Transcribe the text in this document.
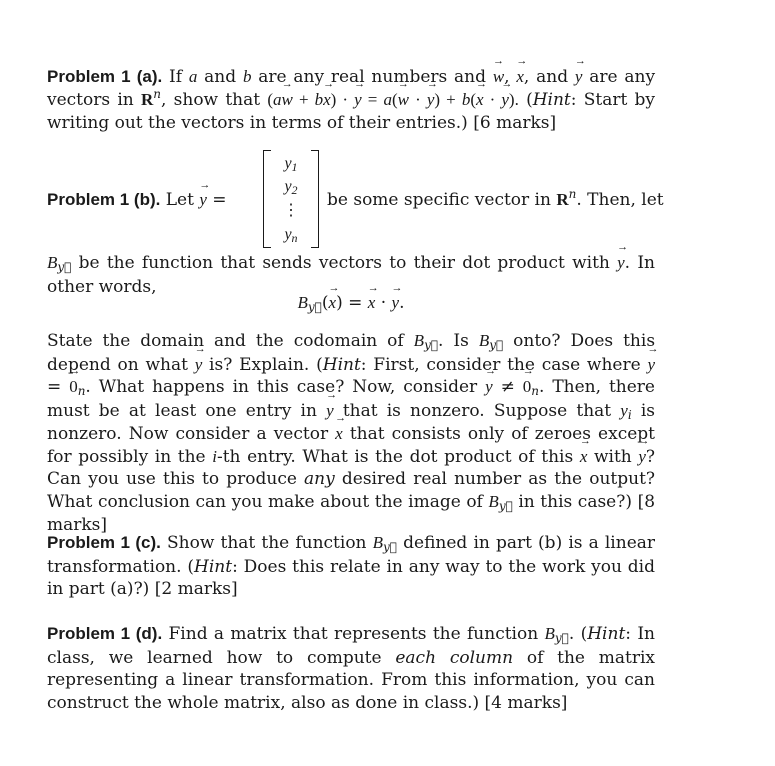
Problem 1 (a). If a and b are any real numbers and → w, → x, and → y are any vectors in $R^n$, show that (a→ w + b→ x) · → y = a(→ w · → y) + b(→ x · → y). (Hint: Start by writing out the vectors in terms of their entries.) [6 marks]
Problem 1 (b). Let → y =
y1
y2
⋮
yn
be some specific vector in $R^n$. Then, let
By⃗ be the function that sends vectors to their dot product with → y. In other words,
By⃗(→ x) = → x · → y.
State the domain and the codomain of By⃗. Is By⃗ onto? Does this depend on what → y is? Explain. (Hint: First, consider the case where → y = → 0n. What happens in this case? Now, consider → y ≠ → 0n. Then, there must be at least one entry in → y that is nonzero. Suppose that yi is nonzero. Now consider a vector → x that consists only of zeroes except for possibly in the i-th entry. What is the dot product of this → x with → y? Can you use this to produce any desired real number as the output? What conclusion can you make about the image of By⃗ in this case?) [8 marks]
Problem 1 (c). Show that the function By⃗ defined in part (b) is a linear transformation. (Hint: Does this relate in any way to the work you did in part (a)?) [2 marks]
Problem 1 (d). Find a matrix that represents the function By⃗. (Hint: In class, we learned how to compute each column of the matrix representing a linear transformation. From this information, you can construct the whole matrix, also as done in class.) [4 marks]
